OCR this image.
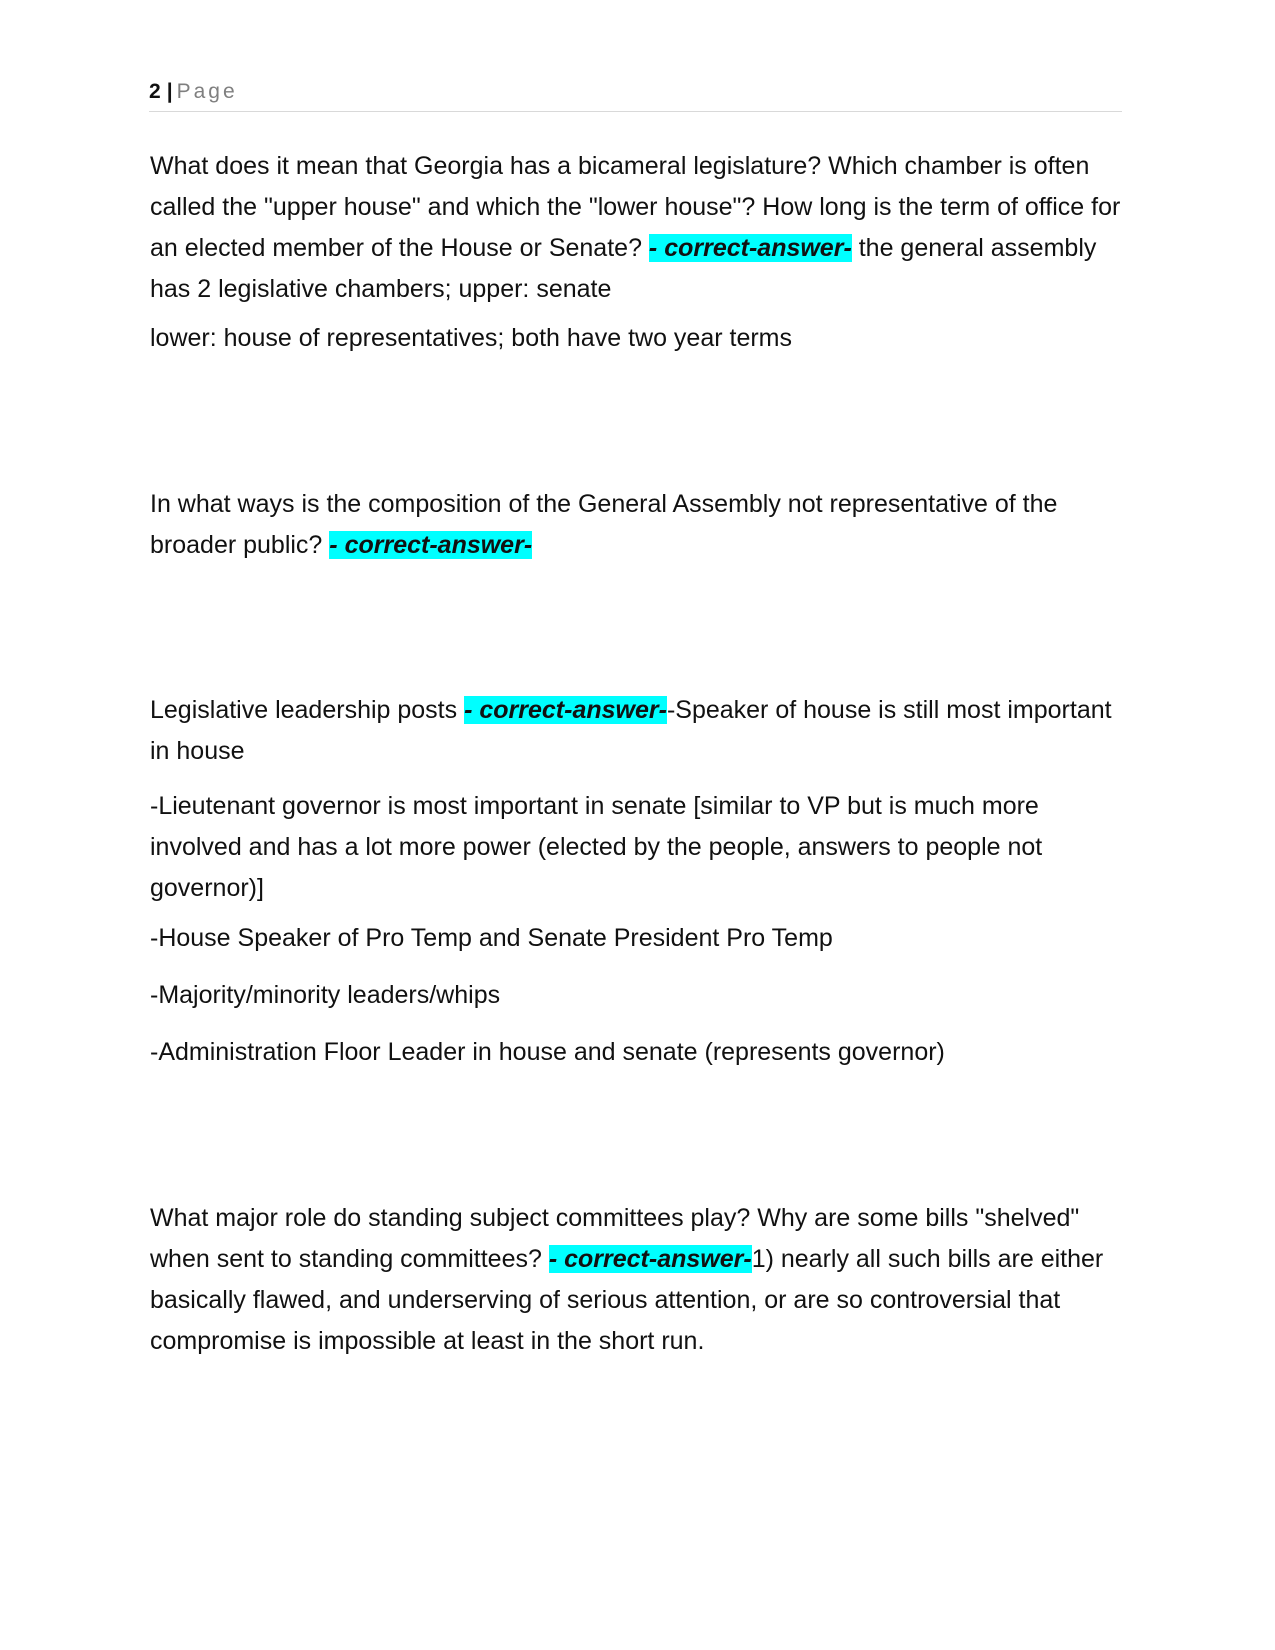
2 | Page

What does it mean that Georgia has a bicameral legislature? Which chamber is often called the "upper house" and which the "lower house"? How long is the term of office for an elected member of the House or Senate? - correct-answer- the general assembly has 2 legislative chambers; upper: senate

lower: house of representatives; both have two year terms

In what ways is the composition of the General Assembly not representative of the broader public? - correct-answer-

Legislative leadership posts - correct-answer--Speaker of house is still most important in house

-Lieutenant governor is most important in senate [similar to VP but is much more involved and has a lot more power (elected by the people, answers to people not governor)]

-House Speaker of Pro Temp and Senate President Pro Temp

-Majority/minority leaders/whips

-Administration Floor Leader in house and senate (represents governor)

What major role do standing subject committees play? Why are some bills "shelved" when sent to standing committees? - correct-answer-1) nearly all such bills are either basically flawed, and underserving of serious attention, or are so controversial that compromise is impossible at least in the short run.
